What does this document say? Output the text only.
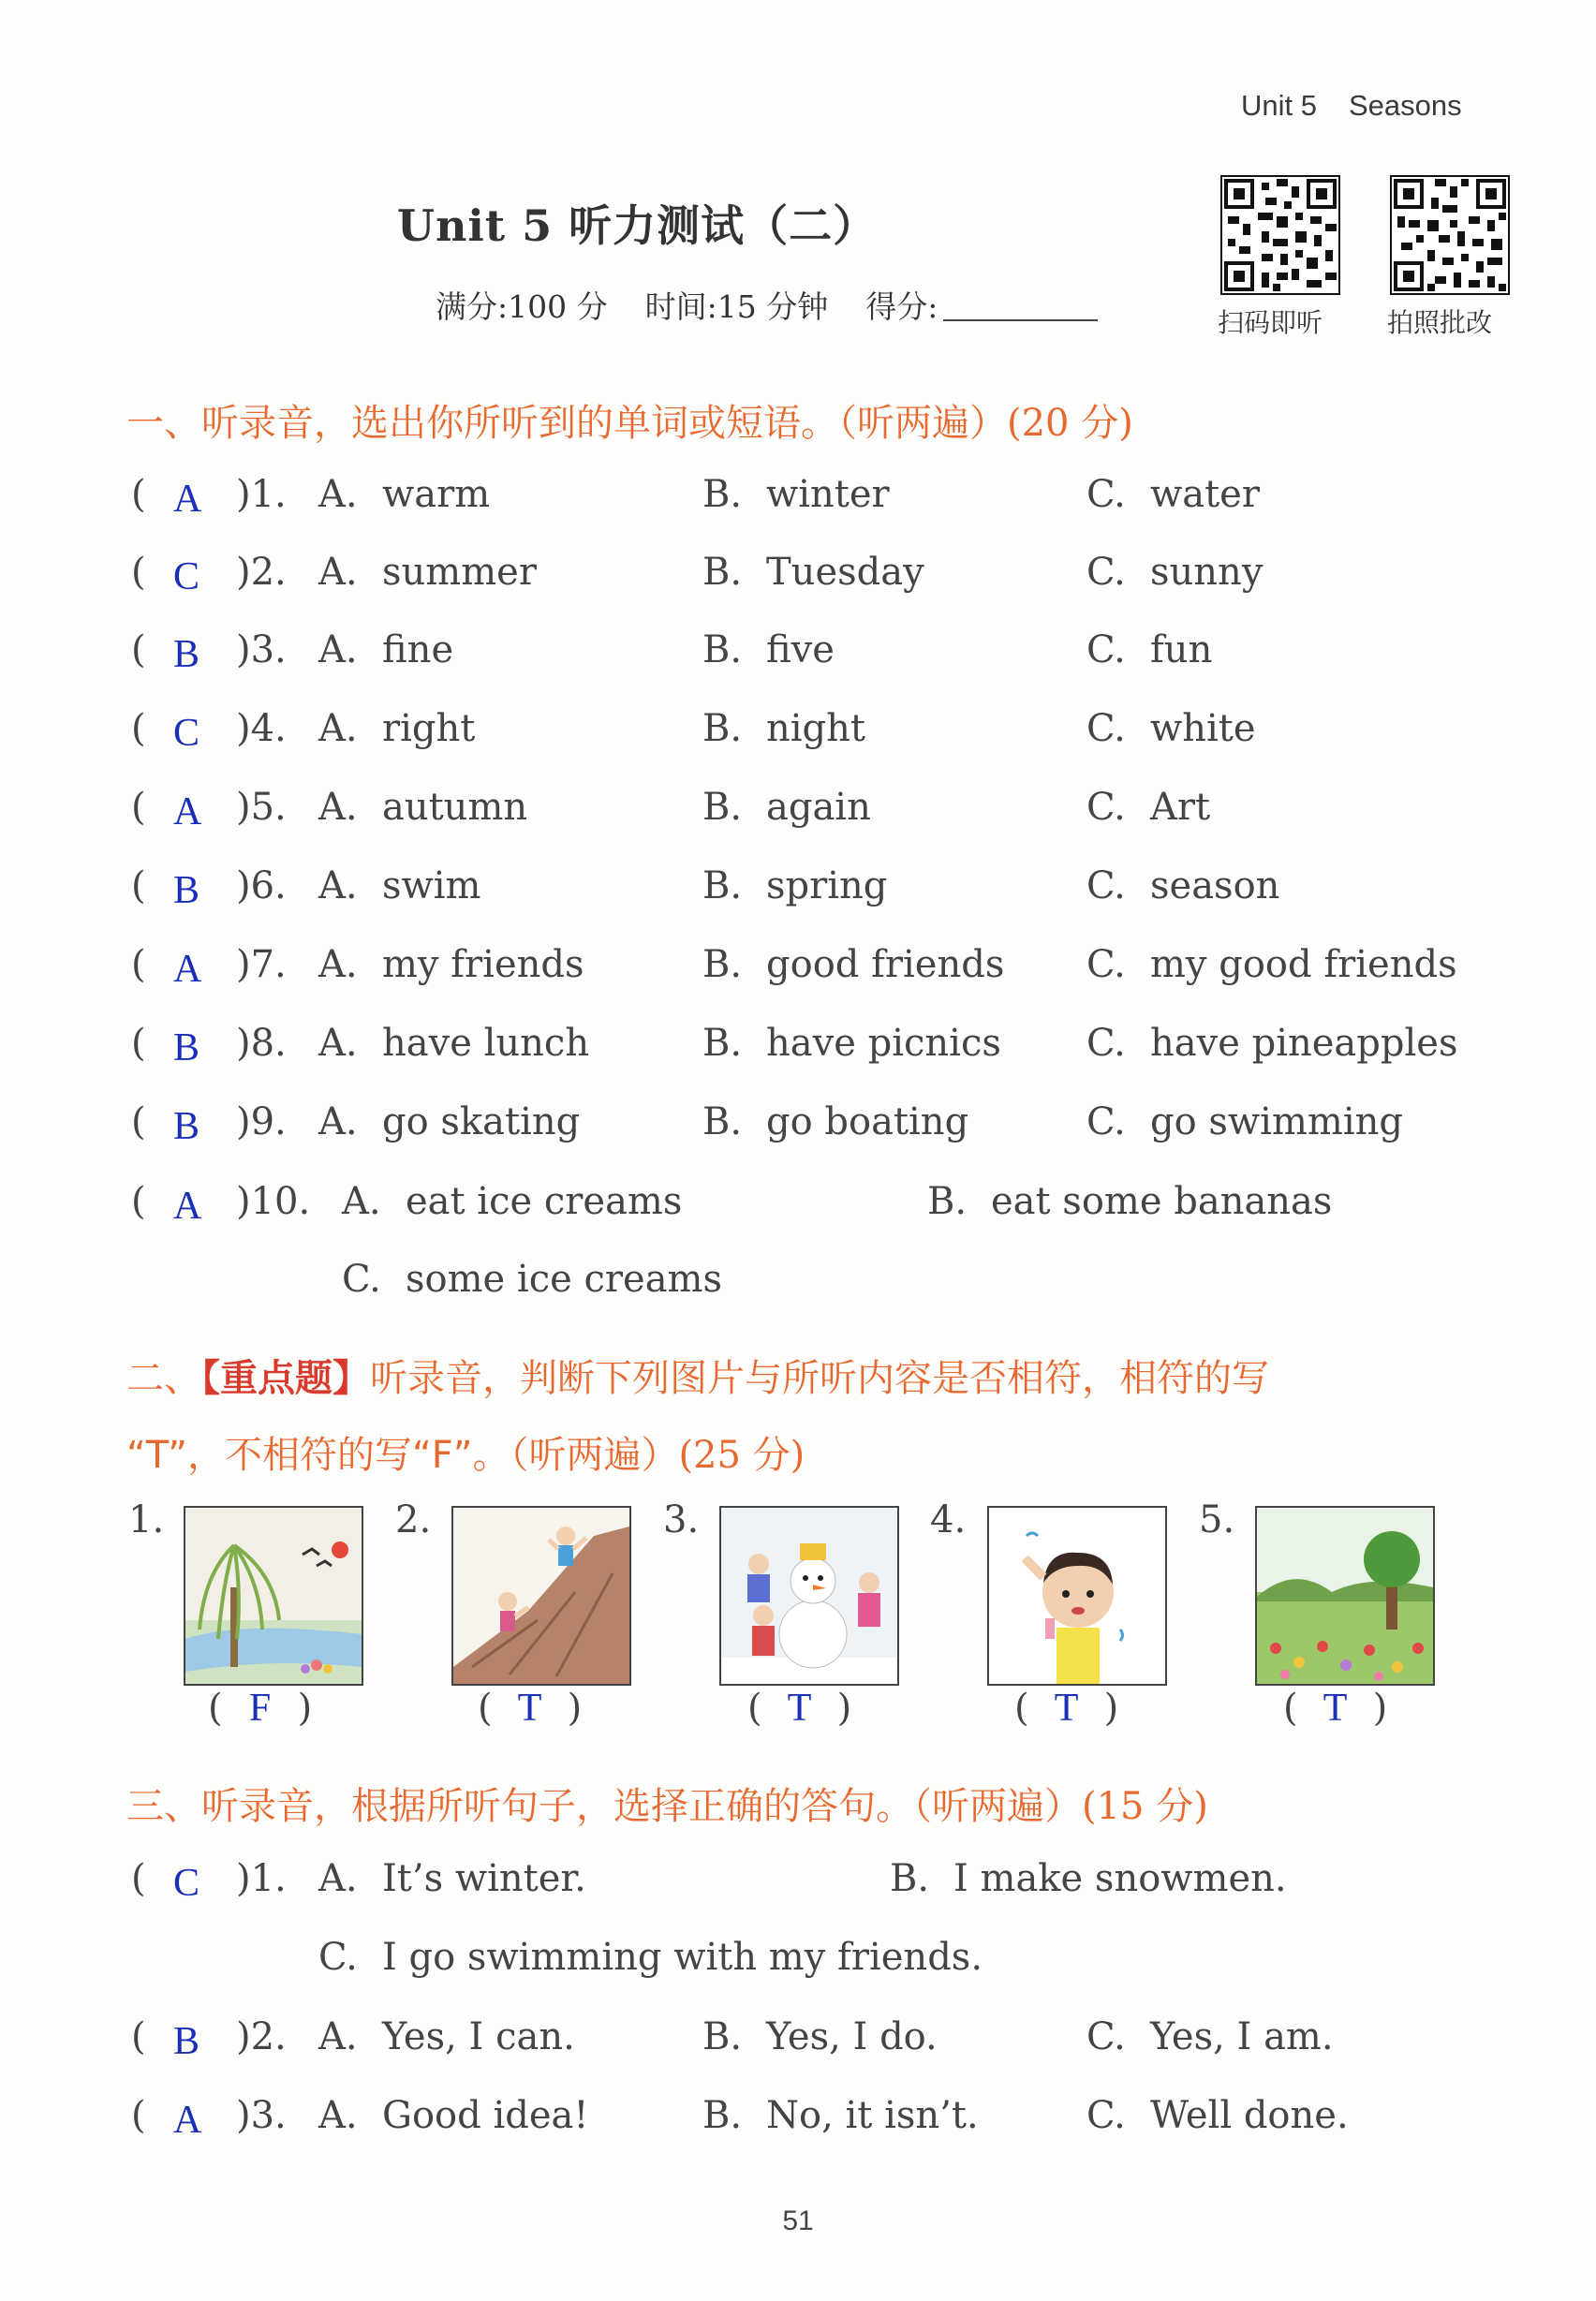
Unit 5 Seasons
Unit 5 听力测试（二）
满分:100 分 时间:15 分钟 得分:	扫码即听 拍照批改
一、听录音，选出你所听到的单词或短语。（听两遍）(20 分)
( A )1. A. warm	B. winter	C. water
( C )2. A. summer	B. Tuesday	C. sunny
( B )3. A. fine	B. five	C. fun
( C )4. A. right	B. night	C. white
( A )5. A. autumn	B. again	C. Art
( B )6. A. swim	B. spring	C. season
( A )7. A. my friends	B. good friends C. my good friends
( B )8. A. have lunch	B. have picnics C. have pineapples
( B )9. A. go skating	B. go boating	C. go swimming
( A )10. A. eat ice creams	B. eat some bananas
C. some ice creams
二、【重点题】听录音，判断下列图片与所听内容是否相符，相符的写
“T”，不相符的写“F”。（听两遍）(25 分)
1.
( F )
2.
( T )
3.
( T )
4.
( T )
5.
( T )
三、听录音，根据所听句子，选择正确的答句。（听两遍）(15 分)
( C )1. A. It’s winter.	B. I make snowmen.
C. I go swimming with my friends.
( B )2. A. Yes, I can.	B. Yes, I do.	C. Yes, I am.
( A )3. A. Good idea!	B. No, it isn’t.	C. Well done.
51
